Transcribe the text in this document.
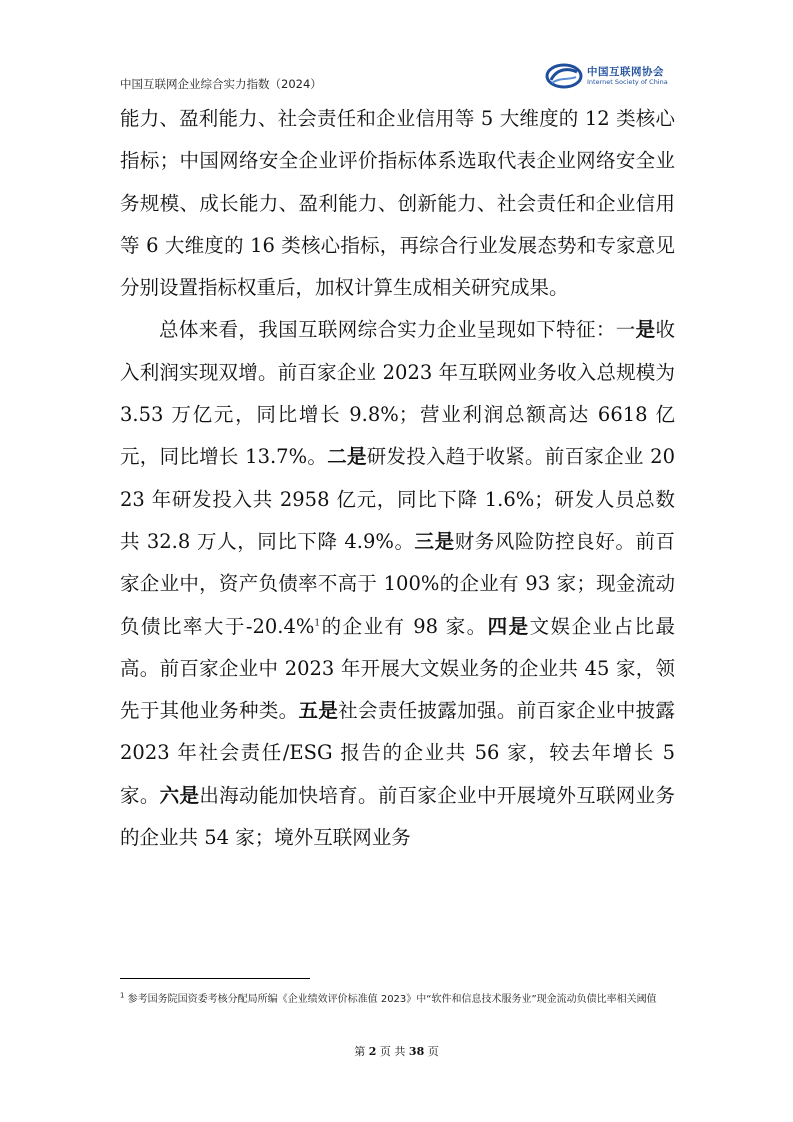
中国互联网企业综合实力指数（2024）
中国互联网协会
Internet Society of China

能力、盈利能力、社会责任和企业信用等 5 大维度的 12 类核心指标；中国网络安全企业评价指标体系选取代表企业网络安全业务规模、成长能力、盈利能力、创新能力、社会责任和企业信用等 6 大维度的 16 类核心指标，再综合行业发展态势和专家意见分别设置指标权重后，加权计算生成相关研究成果。

总体来看，我国互联网综合实力企业呈现如下特征：一是收入利润实现双增。前百家企业 2023 年互联网业务收入总规模为 3.53 万亿元，同比增长 9.8%；营业利润总额高达 6618 亿元，同比增长 13.7%。二是研发投入趋于收紧。前百家企业 2023 年研发投入共 2958 亿元，同比下降 1.6%；研发人员总数共 32.8 万人，同比下降 4.9%。三是财务风险防控良好。前百家企业中，资产负债率不高于 100%的企业有 93 家；现金流动负债比率大于-20.4%$^1$的企业有 98 家。四是文娱企业占比最高。前百家企业中 2023 年开展大文娱业务的企业共 45 家，领先于其他业务种类。五是社会责任披露加强。前百家企业中披露 2023 年社会责任/ESG 报告的企业共 56 家，较去年增长 5 家。六是出海动能加快培育。前百家企业中开展境外互联网业务的企业共 54 家；境外互联网业务

$^1$ 参考国务院国资委考核分配局所编《企业绩效评价标准值 2023》中“软件和信息技术服务业”现金流动负债比率相关阈值

第 2 页 共 38 页
